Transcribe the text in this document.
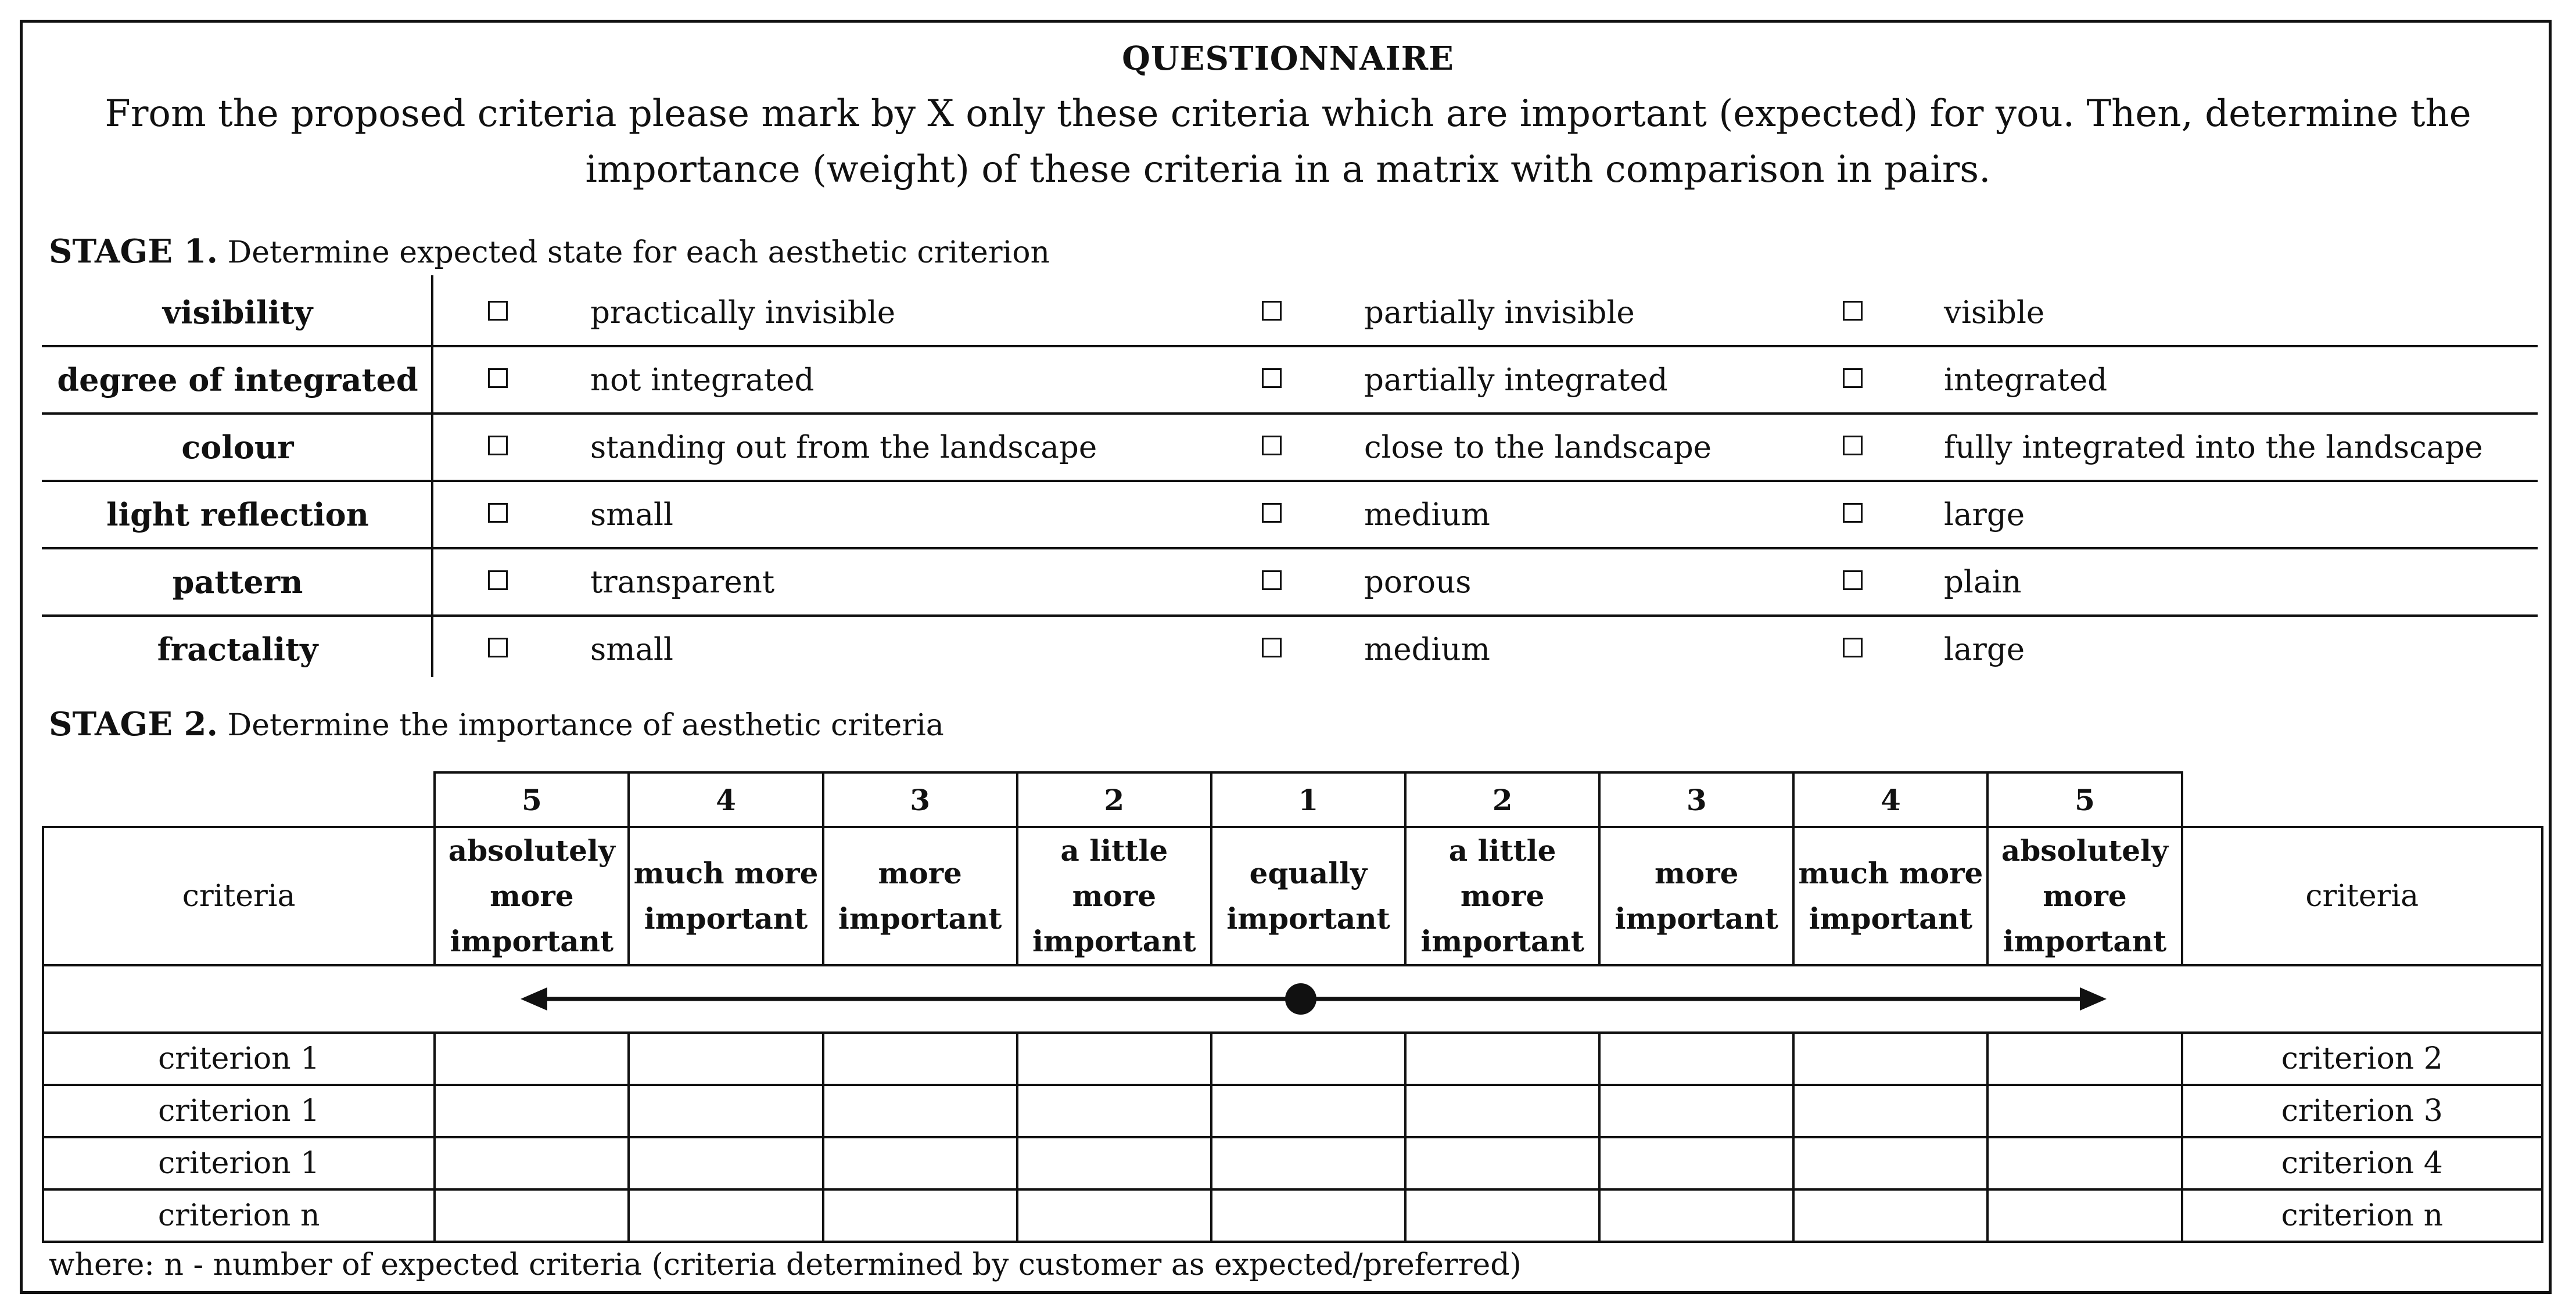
QUESTIONNAIRE
From the proposed criteria please mark by X only these criteria which are important (expected) for you. Then, determine the importance (weight) of these criteria in a matrix with comparison in pairs.
STAGE 1. Determine expected state for each aesthetic criterion
visibility	practically invisible	partially invisible	visible
degree of integrated	not integrated	partially integrated	integrated
colour	standing out from the landscape	close to the landscape	fully integrated into the landscape
light reflection	small	medium	large
pattern	transparent	porous	plain
fractality	small	medium	large
STAGE 2. Determine the importance of aesthetic criteria
	5	4	3	2	1	2	3	4	5	
criteria	absolutely more important	much more important	more important	a little more important	equally important	a little more important	more important	much more important	absolutely more important	criteria

criterion 1										criterion 2
criterion 1										criterion 3
criterion 1										criterion 4
criterion n										criterion n
where: n - number of expected criteria (criteria determined by customer as expected/preferred)
